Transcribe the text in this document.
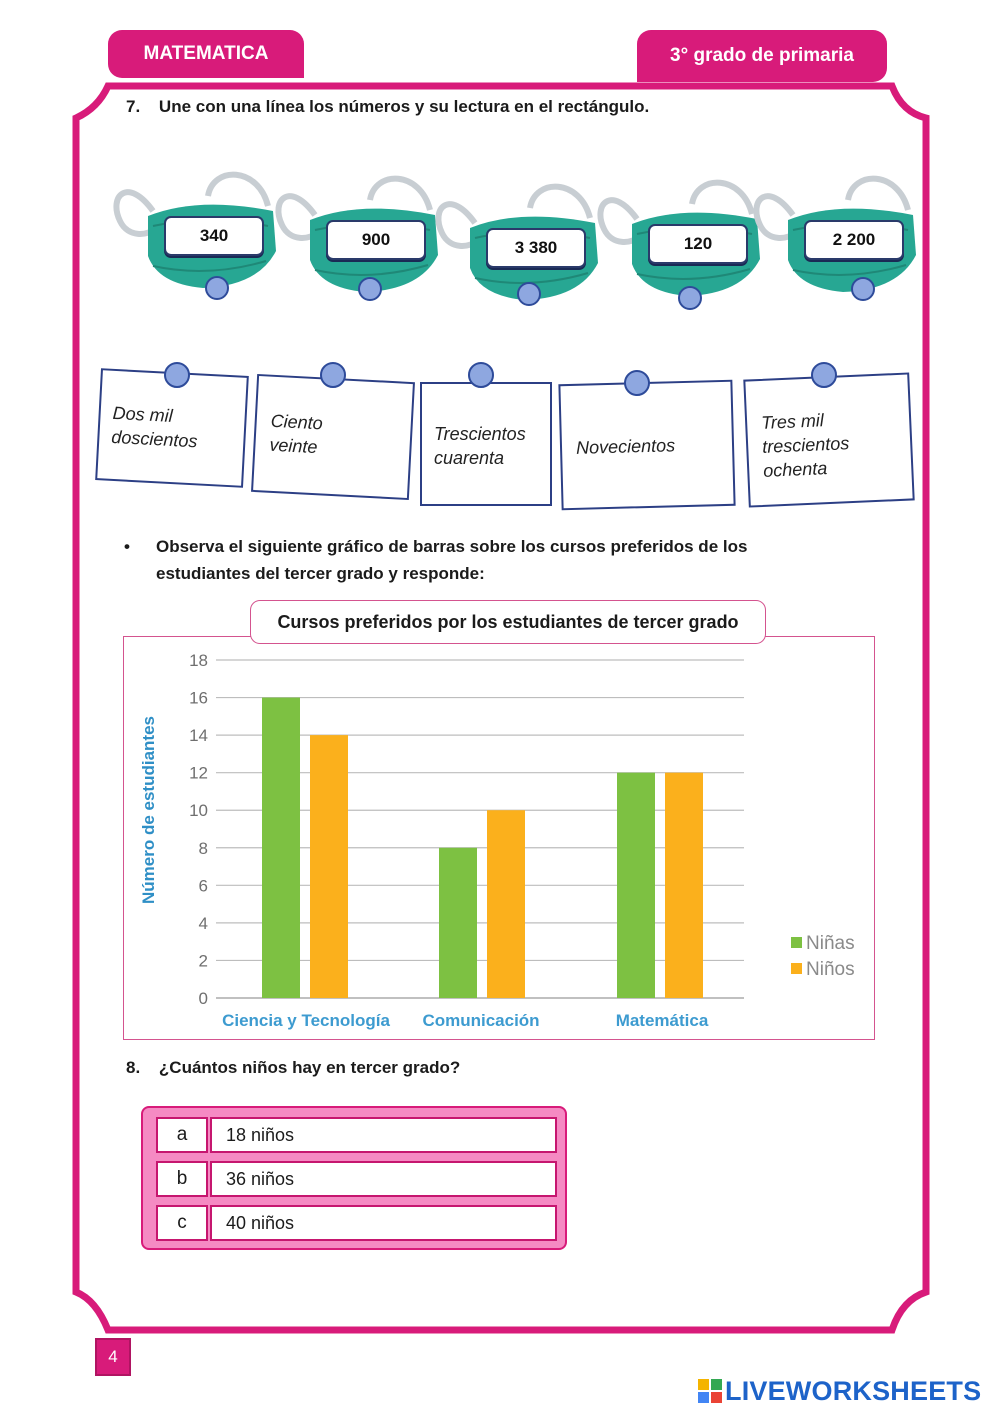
MATEMATICA	3° grado de primaria
7. Une con una línea los números y su lectura en el rectángulo.
340	900	3 380	120	2 200
Dos mil
doscientos
Ciento
veinte
Trescientos
cuarenta
Novecientos
Tres mil
trescientos
ochenta
• Observa el siguiente gráfico de barras sobre los cursos preferidos de los
estudiantes del tercer grado y responde:
0
2
4
6
8
10
12
14
16
18
Ciencia y Tecnología Comunicación	Matemática
Número de estudiantes
Niñas
Niños
Cursos preferidos por los estudiantes de tercer grado
8. ¿Cuántos niños hay en tercer grado?
a	18 niños
b	36 niños
c	40 niños
4
LIVEWORKSHEETS
